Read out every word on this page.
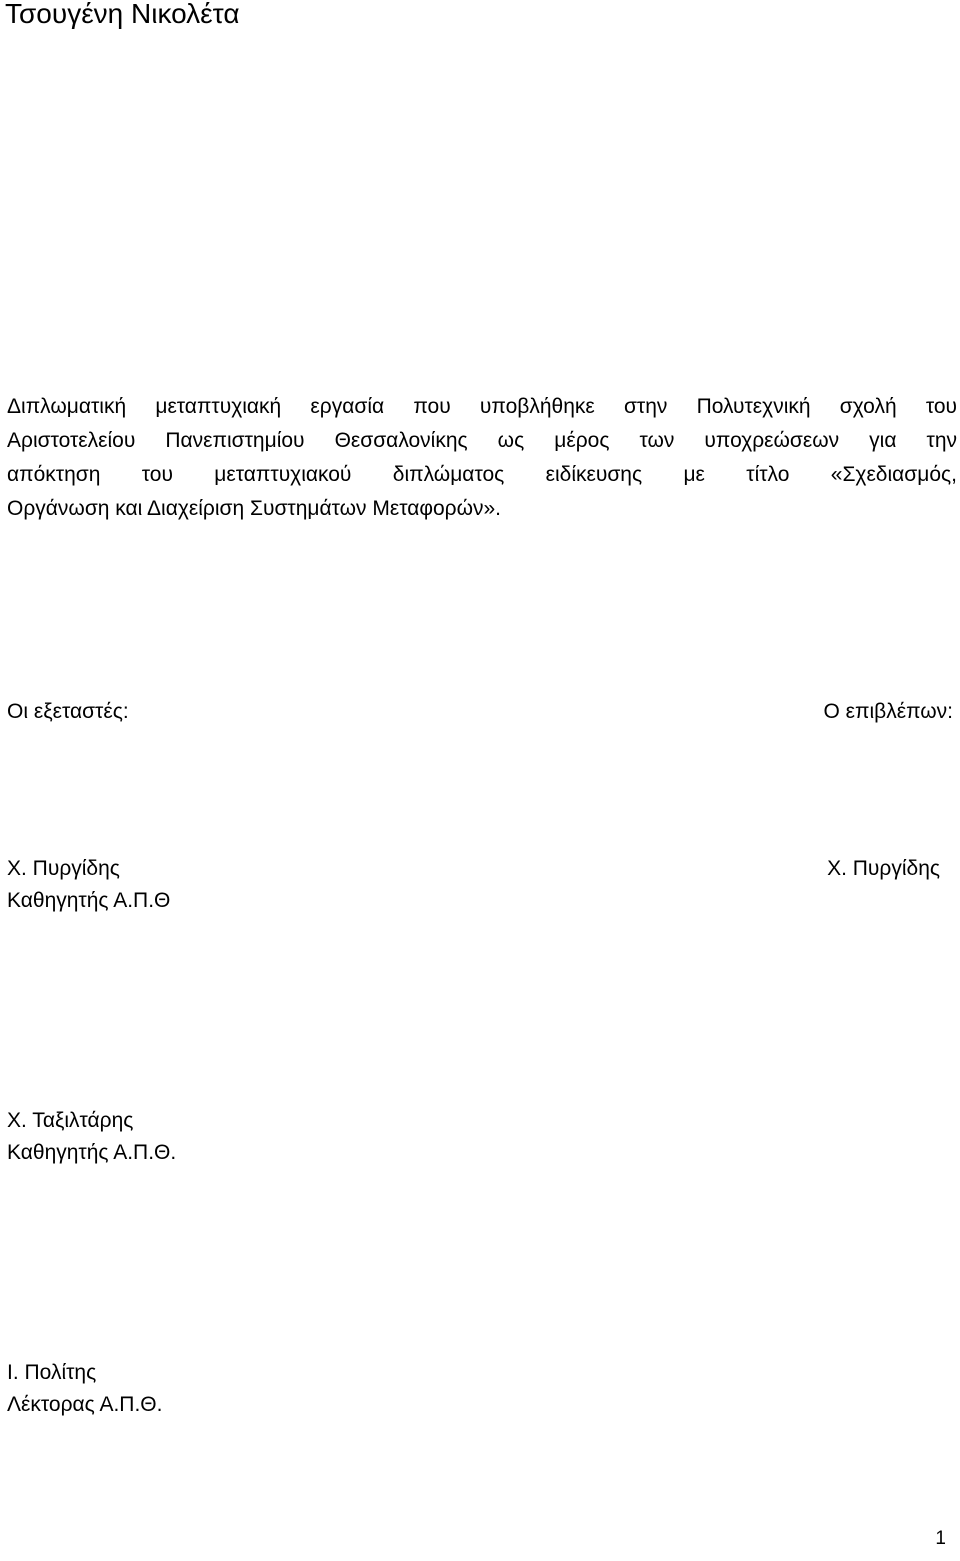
Τσουγένη Νικολέτα
Διπλωματική μεταπτυχιακή εργασία που υποβλήθηκε στην Πολυτεχνική σχολή του
Αριστοτελείου Πανεπιστημίου Θεσσαλονίκης ως μέρος των υποχρεώσεων για την
απόκτηση του μεταπτυχιακού διπλώματος ειδίκευσης με τίτλο «Σχεδιασμός,
Οργάνωση και Διαχείριση Συστημάτων Μεταφορών».
Οι εξεταστές:	Ο επιβλέπων:
Χ. Πυργίδης
Καθηγητής Α.Π.Θ
Χ. Πυργίδης
Χ. Ταξιλτάρης
Καθηγητής Α.Π.Θ.
Ι. Πολίτης
Λέκτορας Α.Π.Θ.
1
